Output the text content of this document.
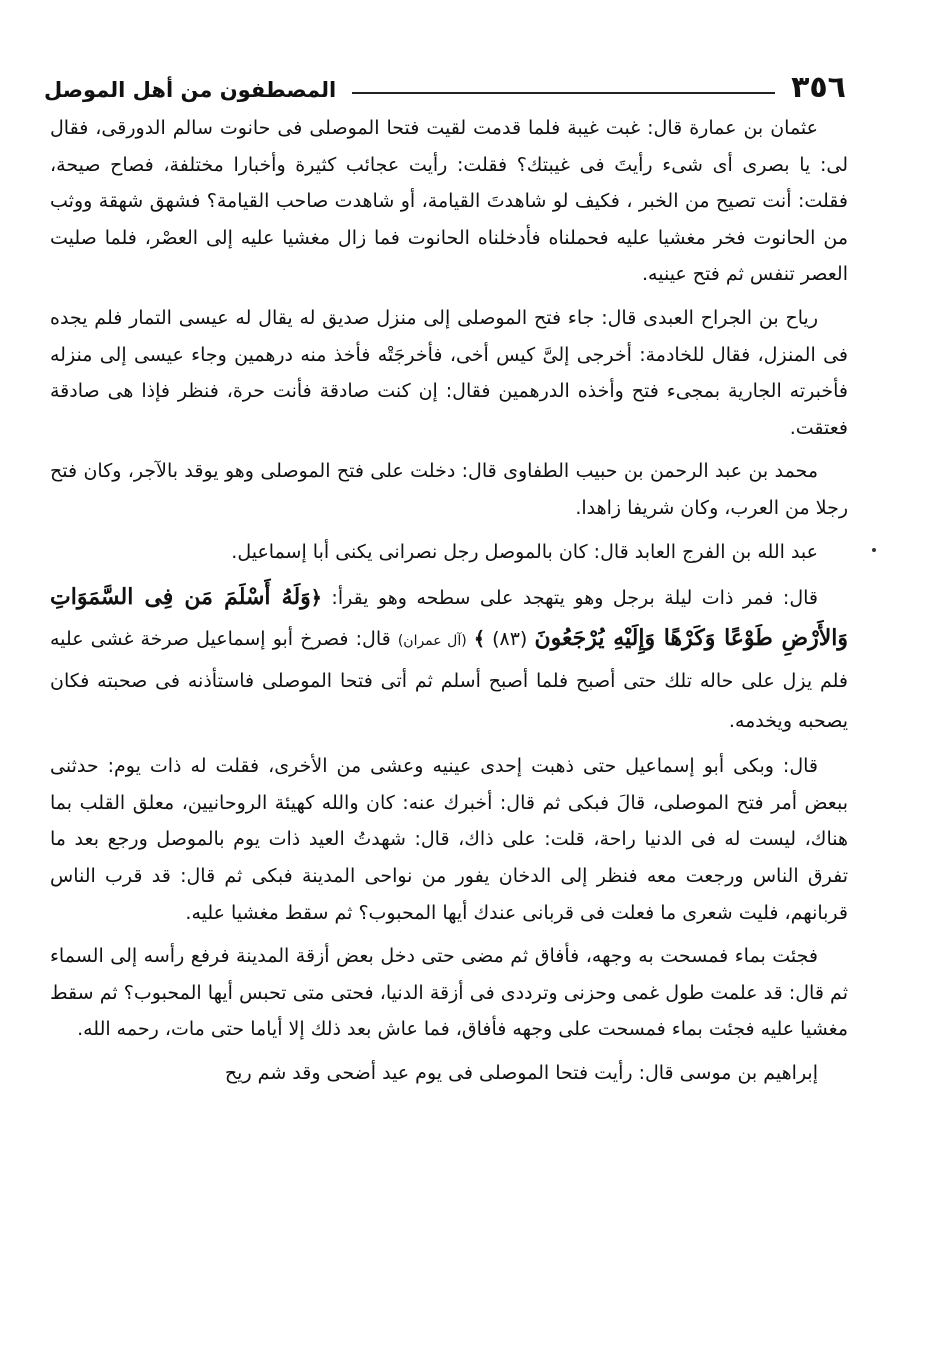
٣٥٦
المصطفون من أهل الموصل

عثمان بن عمارة قال: غبت غيبة فلما قدمت لقيت فتحا الموصلى فى حانوت سالم الدورقى، فقال لى: يا بصرى أى شىء رأيتَ فى غيبتك؟ فقلت: رأيت عجائب كثيرة وأخبارا مختلفة، فصاح صيحة، فقلت: أنت تصيح من الخبر ، فكيف لو شاهدتَ القيامة، أو شاهدت صاحب القيامة؟ فشهق شهقة ووثب من الحانوت فخر مغشيا عليه فحملناه فأدخلناه الحانوت فما زال مغشيا عليه إلى العصْر، فلما صليت العصر تنفس ثم فتح عينيه.

رياح بن الجراح العبدى قال: جاء فتح الموصلى إلى منزل صديق له يقال له عيسى التمار فلم يجده فى المنزل، فقال للخادمة: أخرجى إلىَّ كيس أخى، فأخرجَتْه فأخذ منه درهمين وجاء عيسى إلى منزله فأخبرته الجارية بمجىء فتح وأخذه الدرهمين فقال: إن كنت صادقة فأنت حرة، فنظر فإذا هى صادقة فعتقت.

محمد بن عبد الرحمن بن حبيب الطفاوى قال: دخلت على فتح الموصلى وهو يوقد بالآجر، وكان فتح رجلا من العرب، وكان شريفا زاهدا.

عبد الله بن الفرج العابد قال: كان بالموصل رجل نصرانى يكنى أبا إسماعيل.

قال: فمر ذات ليلة برجل وهو يتهجد على سطحه وهو يقرأ: ﴿وَلَهُ أَسْلَمَ مَن فِى السَّمَوَاتِ وَالأَرْضِ طَوْعًا وَكَرْهًا وَإِلَيْهِ يُرْجَعُونَ (٨٣) ﴾ (آل عمران) قال: فصرخ أبو إسماعيل صرخة غشى عليه فلم يزل على حاله تلك حتى أصبح فلما أصبح أسلم ثم أتى فتحا الموصلى فاستأذنه فى صحبته فكان يصحبه ويخدمه.

قال: وبكى أبو إسماعيل حتى ذهبت إحدى عينيه وعشى من الأخرى، فقلت له ذات يوم: حدثنى ببعض أمر فتح الموصلى، قالَ فبكى ثم قال: أخبرك عنه: كان والله كهيئة الروحانيين، معلق القلب بما هناك، ليست له فى الدنيا راحة، قلت: على ذاك، قال: شهدتُ العيد ذات يوم بالموصل ورجع بعد ما تفرق الناس ورجعت معه فنظر إلى الدخان يفور من نواحى المدينة فبكى ثم قال: قد قرب الناس قربانهم، فليت شعرى ما فعلت فى قربانى عندك أيها المحبوب؟ ثم سقط مغشيا عليه.

فجئت بماء فمسحت به وجهه، فأفاق ثم مضى حتى دخل بعض أزقة المدينة فرفع رأسه إلى السماء ثم قال: قد علمت طول غمى وحزنى وترددى فى أزقة الدنيا، فحتى متى تحبس أيها المحبوب؟ ثم سقط مغشيا عليه فجئت بماء فمسحت على وجهه فأفاق، فما عاش بعد ذلك إلا أياما حتى مات، رحمه الله.

إبراهيم بن موسى قال: رأيت فتحا الموصلى فى يوم عيد أضحى وقد شم ريح
